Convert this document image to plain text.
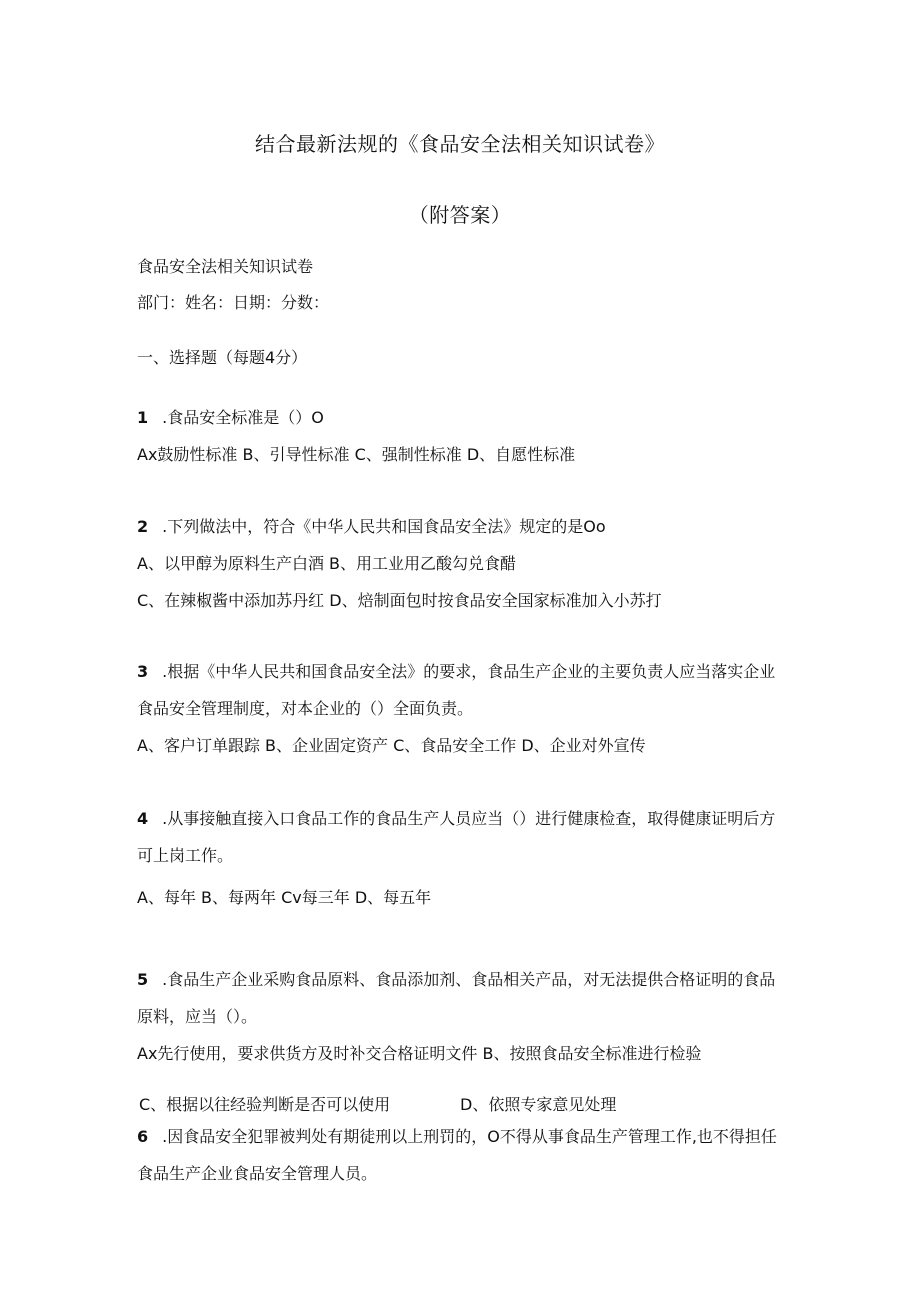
结合最新法规的《食品安全法相关知识试卷》
（附答案）
食品安全法相关知识试卷
部门：姓名：日期：分数：
一、选择题（每题4分）
1 .食品安全标准是（）O
Ax鼓励性标准 B、引导性标准 C、强制性标准 D、自愿性标准
2 .下列做法中，符合《中华人民共和国食品安全法》规定的是Oo
A、以甲醇为原料生产白酒 B、用工业用乙酸勾兑食醋
C、在辣椒酱中添加苏丹红 D、焙制面包时按食品安全国家标准加入小苏打
3 .根据《中华人民共和国食品安全法》的要求，食品生产企业的主要负责人应当落实企业食品安全管理制度，对本企业的（）全面负责。
A、客户订单跟踪 B、企业固定资产 C、食品安全工作 D、企业对外宣传
4 .从事接触直接入口食品工作的食品生产人员应当（）进行健康检查，取得健康证明后方可上岗工作。
A、每年 B、每两年 Cv每三年 D、每五年
5 .食品生产企业采购食品原料、食品添加剂、食品相关产品，对无法提供合格证明的食品原料，应当（）。
Ax先行使用，要求供货方及时补交合格证明文件 B、按照食品安全标准进行检验
C、根据以往经验判断是否可以使用	D、依照专家意见处理
6 .因食品安全犯罪被判处有期徒刑以上刑罚的，O不得从事食品生产管理工作,也不得担任食品生产企业食品安全管理人员。
